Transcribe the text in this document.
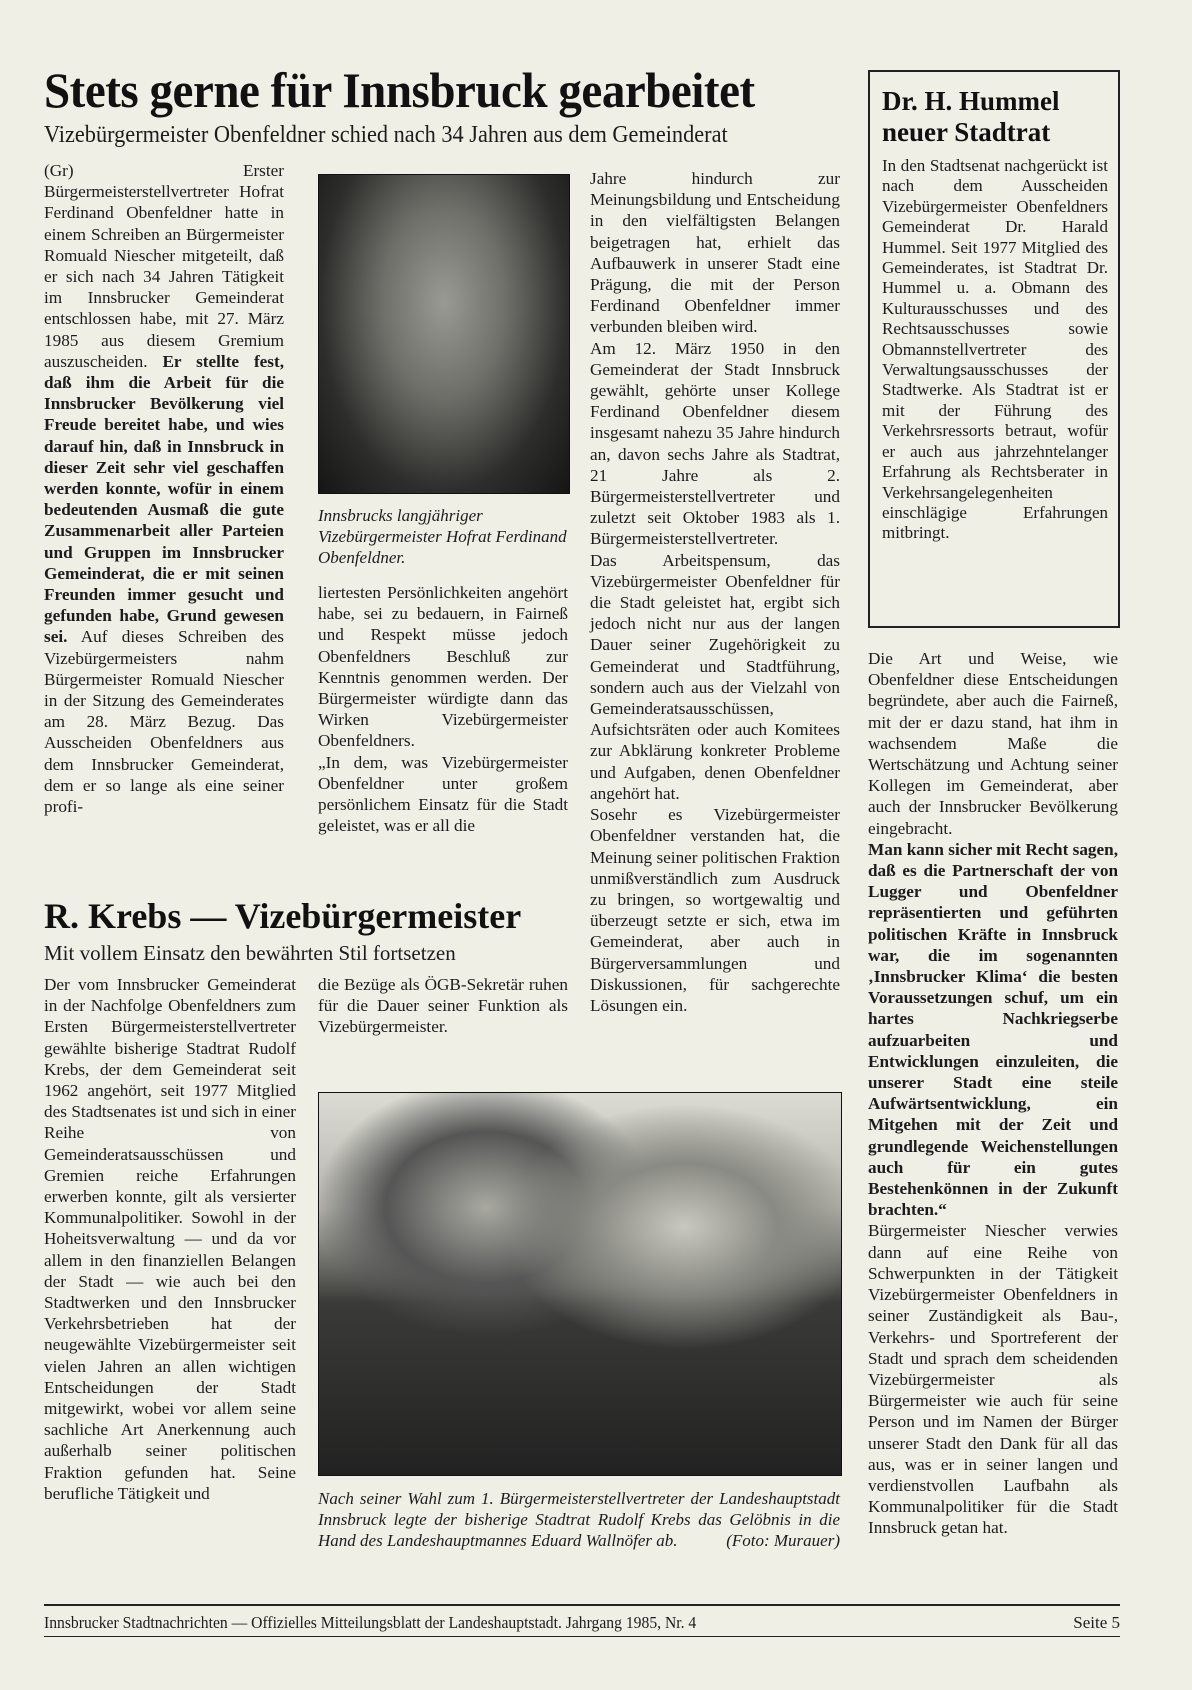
Stets gerne für Innsbruck gearbeitet
Vizebürgermeister Obenfeldner schied nach 34 Jahren aus dem Gemeinderat

(Gr) Erster Bürgermeisterstellvertreter Hofrat Ferdinand Obenfeldner hatte in einem Schreiben an Bürgermeister Romuald Niescher mitgeteilt, daß er sich nach 34 Jahren Tätigkeit im Innsbrucker Gemeinderat entschlossen habe, mit 27. März 1985 aus diesem Gremium auszuscheiden. Er stellte fest, daß ihm die Arbeit für die Innsbrucker Bevölkerung viel Freude bereitet habe, und wies darauf hin, daß in Innsbruck in dieser Zeit sehr viel geschaffen werden konnte, wofür in einem bedeutenden Ausmaß die gute Zusammenarbeit aller Parteien und Gruppen im Innsbrucker Gemeinderat, die er mit seinen Freunden immer gesucht und gefunden habe, Grund gewesen sei. Auf dieses Schreiben des Vizebürgermeisters nahm Bürgermeister Romuald Niescher in der Sitzung des Gemeinderates am 28. März Bezug. Das Ausscheiden Obenfeldners aus dem Innsbrucker Gemeinderat, dem er so lange als eine seiner profi-

Innsbrucks langjähriger Vizebürgermeister Hofrat Ferdinand Obenfeldner.

liertesten Persönlichkeiten angehört habe, sei zu bedauern, in Fairneß und Respekt müsse jedoch Obenfeldners Beschluß zur Kenntnis genommen werden. Der Bürgermeister würdigte dann das Wirken Vizebürgermeister Obenfeldners.

„In dem, was Vizebürgermeister Obenfeldner unter großem persönlichem Einsatz für die Stadt geleistet, was er all die

Jahre hindurch zur Meinungsbildung und Entscheidung in den vielfältigsten Belangen beigetragen hat, erhielt das Aufbauwerk in unserer Stadt eine Prägung, die mit der Person Ferdinand Obenfeldner immer verbunden bleiben wird.

Am 12. März 1950 in den Gemeinderat der Stadt Innsbruck gewählt, gehörte unser Kollege Ferdinand Obenfeldner diesem insgesamt nahezu 35 Jahre hindurch an, davon sechs Jahre als Stadtrat, 21 Jahre als 2. Bürgermeisterstellvertreter und zuletzt seit Oktober 1983 als 1. Bürgermeisterstellvertreter.

Das Arbeitspensum, das Vizebürgermeister Obenfeldner für die Stadt geleistet hat, ergibt sich jedoch nicht nur aus der langen Dauer seiner Zugehörigkeit zu Gemeinderat und Stadtführung, sondern auch aus der Vielzahl von Gemeinderatsausschüssen, Aufsichtsräten oder auch Komitees zur Abklärung konkreter Probleme und Aufgaben, denen Obenfeldner angehört hat.

Sosehr es Vizebürgermeister Obenfeldner verstanden hat, die Meinung seiner politischen Fraktion unmißverständlich zum Ausdruck zu bringen, so wortgewaltig und überzeugt setzte er sich, etwa im Gemeinderat, aber auch in Bürgerversammlungen und Diskussionen, für sachgerechte Lösungen ein.

Dr. H. Hummel
neuer Stadtrat
In den Stadtsenat nachgerückt ist nach dem Ausscheiden Vizebürgermeister Obenfeldners Gemeinderat Dr. Harald Hummel. Seit 1977 Mitglied des Gemeinderates, ist Stadtrat Dr. Hummel u. a. Obmann des Kulturausschusses und des Rechtsausschusses sowie Obmannstellvertreter des Verwaltungsausschusses der Stadtwerke. Als Stadtrat ist er mit der Führung des Verkehrsressorts betraut, wofür er auch aus jahrzehntelanger Erfahrung als Rechtsberater in Verkehrsangelegenheiten einschlägige Erfahrungen mitbringt.

Die Art und Weise, wie Obenfeldner diese Entscheidungen begründete, aber auch die Fairneß, mit der er dazu stand, hat ihm in wachsendem Maße die Wertschätzung und Achtung seiner Kollegen im Gemeinderat, aber auch der Innsbrucker Bevölkerung eingebracht.

Man kann sicher mit Recht sagen, daß es die Partnerschaft der von Lugger und Obenfeldner repräsentierten und geführten politischen Kräfte in Innsbruck war, die im sogenannten ‚Innsbrucker Klima‘ die besten Voraussetzungen schuf, um ein hartes Nachkriegserbe aufzuarbeiten und Entwicklungen einzuleiten, die unserer Stadt eine steile Aufwärtsentwicklung, ein Mitgehen mit der Zeit und grundlegende Weichenstellungen auch für ein gutes Bestehenkönnen in der Zukunft brachten.“

Bürgermeister Niescher verwies dann auf eine Reihe von Schwerpunkten in der Tätigkeit Vizebürgermeister Obenfeldners in seiner Zuständigkeit als Bau-, Verkehrs- und Sportreferent der Stadt und sprach dem scheidenden Vizebürgermeister als Bürgermeister wie auch für seine Person und im Namen der Bürger unserer Stadt den Dank für all das aus, was er in seiner langen und verdienstvollen Laufbahn als Kommunalpolitiker für die Stadt Innsbruck getan hat.

R. Krebs — Vizebürgermeister
Mit vollem Einsatz den bewährten Stil fortsetzen
Der vom Innsbrucker Gemeinderat in der Nachfolge Obenfeldners zum Ersten Bürgermeisterstellvertreter gewählte bisherige Stadtrat Rudolf Krebs, der dem Gemeinderat seit 1962 angehört, seit 1977 Mitglied des Stadtsenates ist und sich in einer Reihe von Gemeinderatsausschüssen und Gremien reiche Erfahrungen erwerben konnte, gilt als versierter Kommunalpolitiker. Sowohl in der Hoheitsverwaltung — und da vor allem in den finanziellen Belangen der Stadt — wie auch bei den Stadtwerken und den Innsbrucker Verkehrsbetrieben hat der neugewählte Vizebürgermeister seit vielen Jahren an allen wichtigen Entscheidungen der Stadt mitgewirkt, wobei vor allem seine sachliche Art Anerkennung auch außerhalb seiner politischen Fraktion gefunden hat. Seine berufliche Tätigkeit und
die Bezüge als ÖGB-Sekretär ruhen für die Dauer seiner Funktion als Vizebürgermeister.
Nach seiner Wahl zum 1. Bürgermeisterstellvertreter der Landeshauptstadt Innsbruck legte der bisherige Stadtrat Rudolf Krebs das Gelöbnis in die Hand des Landeshauptmannes Eduard Wallnöfer ab.	(Foto: Murauer)
Innsbrucker Stadtnachrichten — Offizielles Mitteilungsblatt der Landeshauptstadt. Jahrgang 1985, Nr. 4	Seite 5
